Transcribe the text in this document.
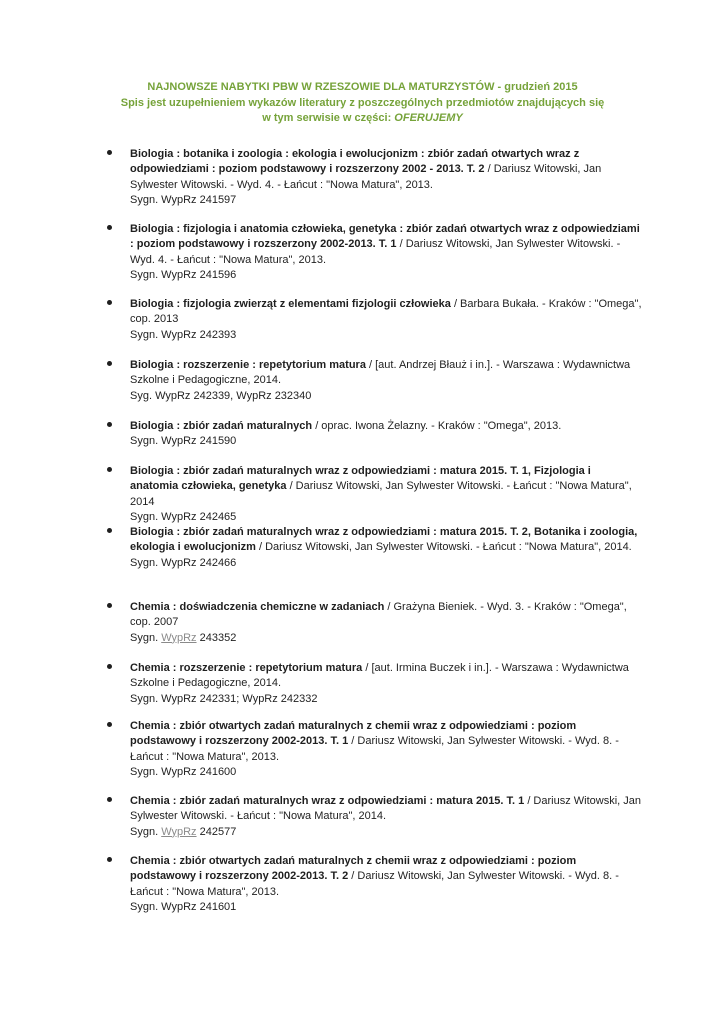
NAJNOWSZE NABYTKI PBW W RZESZOWIE DLA MATURZYSTÓW - grudzień 2015
Spis jest uzupełnieniem wykazów literatury z poszczególnych przedmiotów znajdujących się
w tym serwisie w części: OFERUJEMY
Biologia : botanika i zoologia : ekologia i ewolucjonizm : zbiór zadań otwartych wraz z odpowiedziami : poziom podstawowy i rozszerzony 2002 - 2013. T. 2 / Dariusz Witowski, Jan Sylwester Witowski. - Wyd. 4. - Łańcut : "Nowa Matura", 2013.
Sygn. WypRz 241597
Biologia : fizjologia i anatomia człowieka, genetyka : zbiór zadań otwartych wraz z odpowiedziami : poziom podstawowy i rozszerzony 2002-2013. T. 1 / Dariusz Witowski, Jan Sylwester Witowski. - Wyd. 4. - Łańcut : "Nowa Matura", 2013.
Sygn. WypRz 241596
Biologia : fizjologia zwierząt z elementami fizjologii człowieka / Barbara Bukała. - Kraków : "Omega", cop. 2013
Sygn. WypRz 242393
Biologia : rozszerzenie : repetytorium matura / [aut. Andrzej Błauż i in.]. - Warszawa : Wydawnictwa Szkolne i Pedagogiczne, 2014.
Syg. WypRz 242339, WypRz 232340
Biologia : zbiór zadań maturalnych / oprac. Iwona Żelazny. - Kraków : "Omega", 2013.
Sygn. WypRz 241590
Biologia : zbiór zadań maturalnych wraz z odpowiedziami : matura 2015. T. 1, Fizjologia i anatomia człowieka, genetyka / Dariusz Witowski, Jan Sylwester Witowski. - Łańcut : "Nowa Matura", 2014
Sygn. WypRz 242465
Biologia : zbiór zadań maturalnych wraz z odpowiedziami : matura 2015. T. 2, Botanika i zoologia, ekologia i ewolucjonizm / Dariusz Witowski, Jan Sylwester Witowski. - Łańcut : "Nowa Matura", 2014.
Sygn. WypRz 242466
Chemia : doświadczenia chemiczne w zadaniach / Grażyna Bieniek. - Wyd. 3. - Kraków : "Omega", cop. 2007
Sygn. WypRz 243352
Chemia : rozszerzenie : repetytorium matura / [aut. Irmina Buczek i in.]. - Warszawa : Wydawnictwa Szkolne i Pedagogiczne, 2014.
Sygn. WypRz 242331; WypRz 242332
Chemia : zbiór otwartych zadań maturalnych z chemii wraz z odpowiedziami : poziom podstawowy i rozszerzony 2002-2013. T. 1 / Dariusz Witowski, Jan Sylwester Witowski. - Wyd. 8. - Łańcut : "Nowa Matura", 2013.
Sygn. WypRz 241600
Chemia : zbiór zadań maturalnych wraz z odpowiedziami : matura 2015. T. 1 / Dariusz Witowski, Jan Sylwester Witowski. - Łańcut : "Nowa Matura", 2014.
Sygn. WypRz 242577
Chemia : zbiór otwartych zadań maturalnych z chemii wraz z odpowiedziami : poziom podstawowy i rozszerzony 2002-2013. T. 2 / Dariusz Witowski, Jan Sylwester Witowski. - Wyd. 8. - Łańcut : "Nowa Matura", 2013.
Sygn. WypRz 241601
